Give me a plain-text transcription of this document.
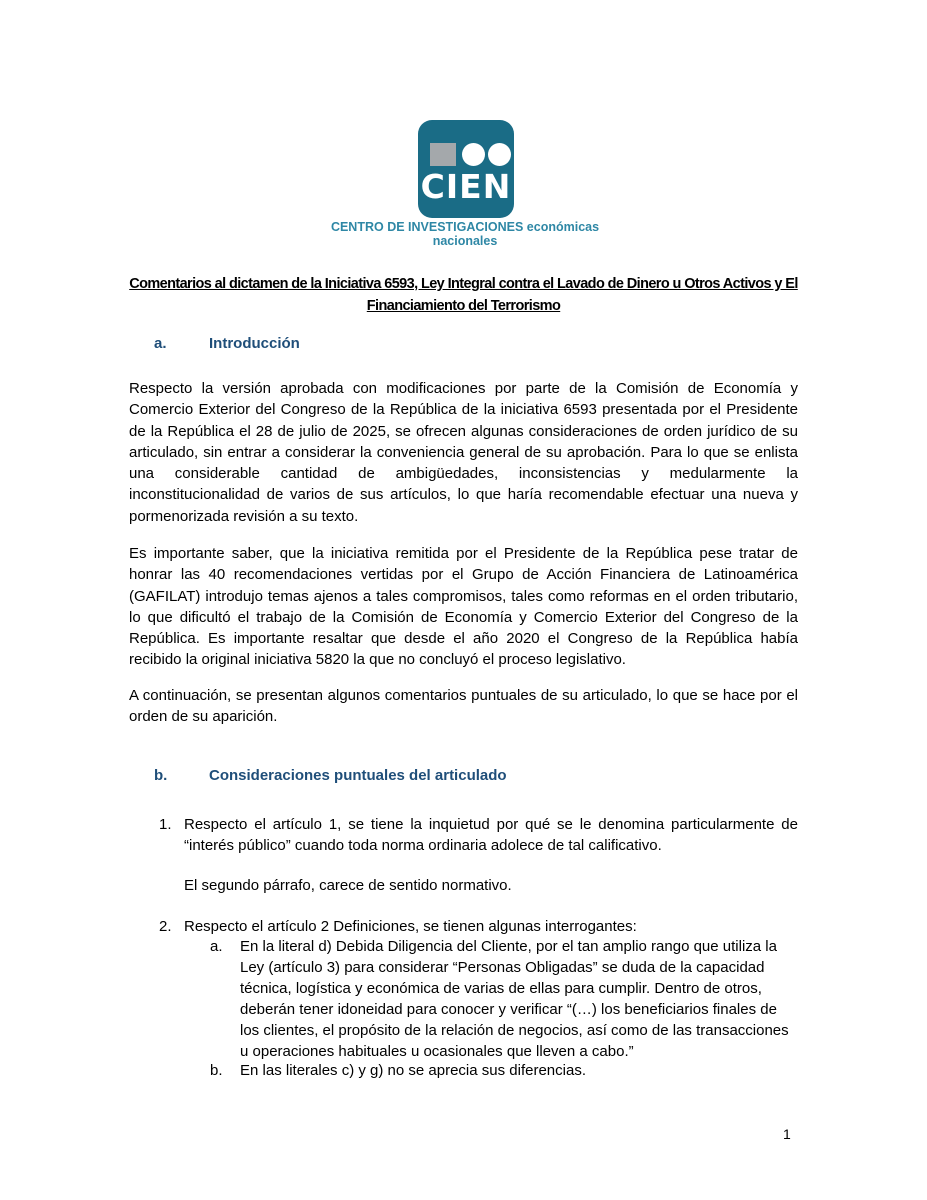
CIEN
CENTRO DE INVESTIGACIONES económicas
nacionales
Comentarios al dictamen de la Iniciativa 6593, Ley Integral contra el Lavado de Dinero u Otros Activos y El Financiamiento del Terrorismo
a.	Introducción
Respecto la versión aprobada con modificaciones por parte de la Comisión de Economía y Comercio Exterior del Congreso de la República de la iniciativa 6593 presentada por el Presidente de la República el 28 de julio de 2025, se ofrecen algunas consideraciones de orden jurídico de su articulado, sin entrar a considerar la conveniencia general de su aprobación. Para lo que se enlista una considerable cantidad de ambigüedades, inconsistencias y medularmente la inconstitucionalidad de varios de sus artículos, lo que haría recomendable efectuar una nueva y pormenorizada revisión a su texto.
Es importante saber, que la iniciativa remitida por el Presidente de la República pese tratar de honrar las 40 recomendaciones vertidas por el Grupo de Acción Financiera de Latinoamérica (GAFILAT) introdujo temas ajenos a tales compromisos, tales como reformas en el orden tributario, lo que dificultó el trabajo de la Comisión de Economía y Comercio Exterior del Congreso de la República. Es importante resaltar que desde el año 2020 el Congreso de la República había recibido la original iniciativa 5820 la que no concluyó el proceso legislativo.
A continuación, se presentan algunos comentarios puntuales de su articulado, lo que se hace por el orden de su aparición.
b.	Consideraciones puntuales del articulado
1. Respecto el artículo 1, se tiene la inquietud por qué se le denomina particularmente de “interés público” cuando toda norma ordinaria adolece de tal calificativo.
El segundo párrafo, carece de sentido normativo.
2. Respecto el artículo 2 Definiciones, se tienen algunas interrogantes:
a. En la literal d) Debida Diligencia del Cliente, por el tan amplio rango que utiliza la Ley (artículo 3) para considerar “Personas Obligadas” se duda de la capacidad técnica, logística y económica de varias de ellas para cumplir. Dentro de otros, deberán tener idoneidad para conocer y verificar “(…) los beneficiarios finales de los clientes, el propósito de la relación de negocios, así como de las transacciones u operaciones habituales u ocasionales que lleven a cabo.”
b. En las literales c) y g) no se aprecia sus diferencias.
1
